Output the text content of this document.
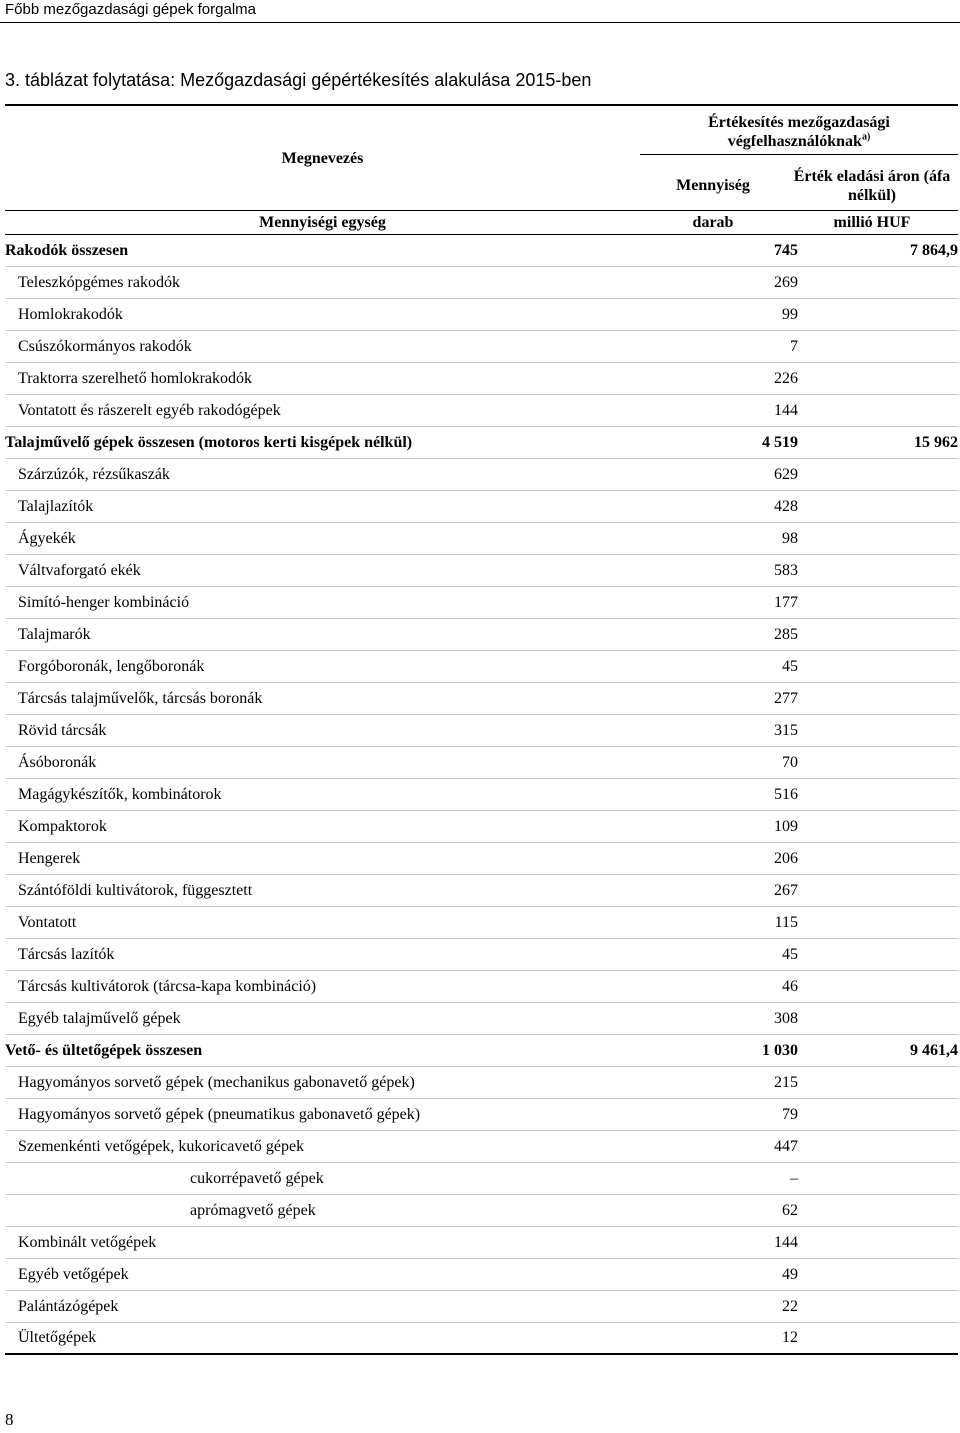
Főbb mezőgazdasági gépek forgalma
3. táblázat folytatása: Mezőgazdasági gépértékesítés alakulása 2015-ben
Megnevezés
Értékesítés mezőgazdasági végfelhasználóknak$^{a)}$
Mennyiség
Érték eladási áron (áfa nélkül)
Mennyiségi egység	darab	millió HUF
Rakodók összesen	745	7 864,9
Teleszkópgémes rakodók	269
Homlokrakodók	99
Csúszókormányos rakodók	7
Traktorra szerelhető homlokrakodók	226
Vontatott és rászerelt egyéb rakodógépek	144
Talajművelő gépek összesen (motoros kerti kisgépek nélkül)	4 519	15 962
Szárzúzók, rézsűkaszák	629
Talajlazítók	428
Ágyekék	98
Váltvaforgató ekék	583
Simító-henger kombináció	177
Talajmarók	285
Forgóboronák, lengőboronák	45
Tárcsás talajművelők, tárcsás boronák	277
Rövid tárcsák	315
Ásóboronák	70
Magágykészítők, kombinátorok	516
Kompaktorok	109
Hengerek	206
Szántóföldi kultivátorok, függesztett	267
Vontatott	115
Tárcsás lazítók	45
Tárcsás kultivátorok (tárcsa-kapa kombináció)	46
Egyéb talajművelő gépek	308
Vető- és ültetőgépek összesen	1 030	9 461,4
Hagyományos sorvető gépek (mechanikus gabonavető gépek)	215
Hagyományos sorvető gépek (pneumatikus gabonavető gépek)	79
Szemenkénti vetőgépek, kukoricavető gépek	447
cukorrépavető gépek	–
aprómagvető gépek	62
Kombinált vetőgépek	144
Egyéb vetőgépek	49
Palántázógépek	22
Ültetőgépek	12
8
